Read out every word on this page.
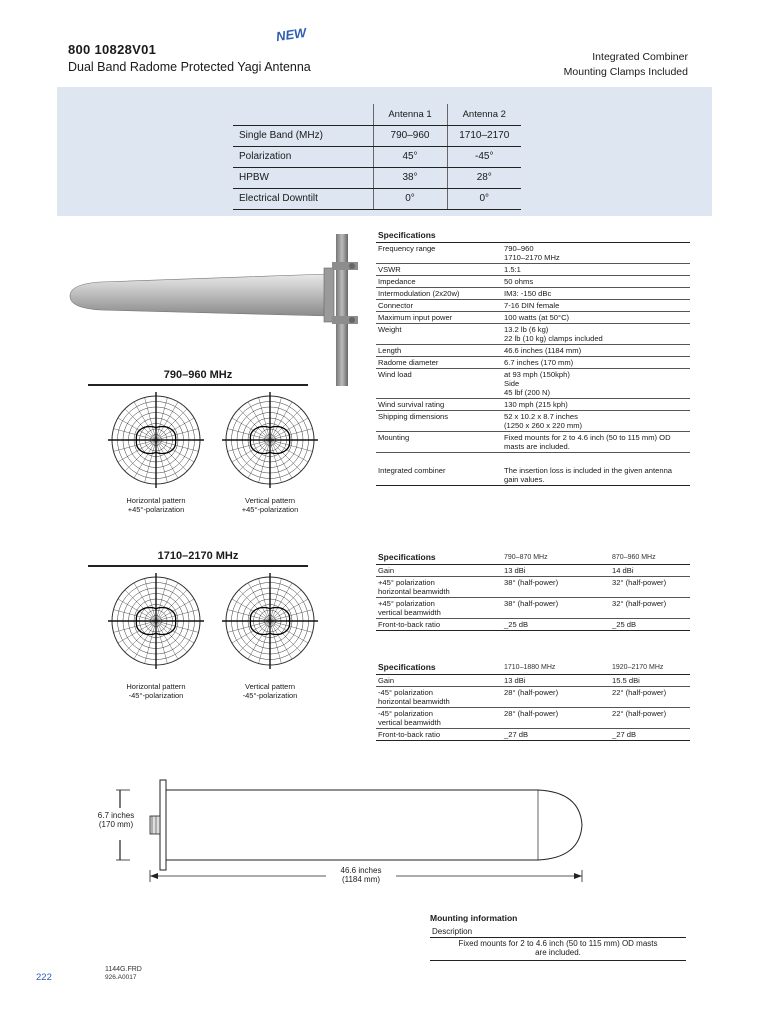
800 10828V01
NEW
Dual Band Radome Protected Yagi Antenna
Integrated Combiner
Mounting Clamps Included
	Antenna 1	Antenna 2
Single Band (MHz)	790–960	1710–2170
Polarization	45°	-45°
HPBW	38°	28°
Electrical Downtilt	0°	0°
790–960 MHz
Horizontal pattern
+45°-polarization
Vertical pattern
+45°-polarization
1710–2170 MHz
Horizontal pattern
-45°-polarization
Vertical pattern
-45°-polarization
Specifications	
Frequency range	790–960
1710–2170 MHz
VSWR	1.5:1
Impedance	50 ohms
Intermodulation (2x20w)	IM3: -150 dBc
Connector	7-16 DIN female
Maximum input power	100 watts (at 50°C)
Weight	13.2 lb (6 kg)
22 lb (10 kg) clamps included
Length	46.6 inches (1184 mm)
Radome diameter	6.7 inches (170 mm)
Wind load	at 93 mph (150kph)
Side
45 lbf (200 N)
Wind survival rating	130 mph (215 kph)
Shipping dimensions	52 x 10.2 x 8.7 inches
(1250 x 260 x 220 mm)
Mounting	Fixed mounts for 2 to 4.6 inch (50 to 115 mm) OD masts are included.

Integrated combiner	The insertion loss is included in the given antenna gain values.
Specifications	790–870 MHz	870–960 MHz
Gain	13 dBi	14 dBi
+45° polarization
horizontal beamwidth	38° (half-power)	32° (half-power)
+45° polarization
vertical beamwidth	38° (half-power)	32° (half-power)
Front-to-back ratio	_25 dB	_25 dB
Specifications	1710–1880 MHz	1920–2170 MHz
Gain	13 dBi	15.5 dBi
-45° polarization
horizontal beamwidth	28° (half-power)	22° (half-power)
-45° polarization
vertical beamwidth	28° (half-power)	22° (half-power)
Front-to-back ratio	_27 dB	_27 dB
6.7 inches
(170 mm)
46.6 inches
(1184 mm)
Mounting information
Description
Fixed mounts for 2 to 4.6 inch (50 to 115 mm) OD masts
are included.
222
1144G.FRD
926.A0017
